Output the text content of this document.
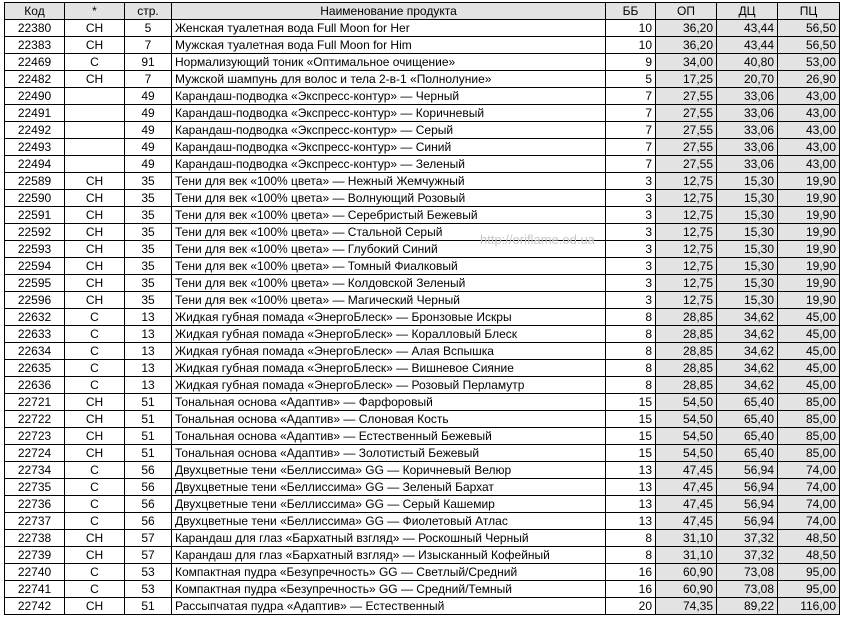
Код	*	стр.	Наименование продукта	ББ	ОП	ДЦ	ПЦ
22380	CH	5	Женская туалетная вода Full Moon for Her	10	36,20	43,44	56,50
22383	CH	7	Мужская туалетная вода Full Moon for Him	10	36,20	43,44	56,50
22469	C	91	Нормализующий тоник «Оптимальное очищение»	9	34,00	40,80	53,00
22482	CH	7	Мужской шампунь для волос и тела 2-в-1 «Полнолуние»	5	17,25	20,70	26,90
22490		49	Карандаш-подводка «Экспресс-контур» — Черный	7	27,55	33,06	43,00
22491		49	Карандаш-подводка «Экспресс-контур» — Коричневый	7	27,55	33,06	43,00
22492		49	Карандаш-подводка «Экспресс-контур» — Серый	7	27,55	33,06	43,00
22493		49	Карандаш-подводка «Экспресс-контур» — Синий	7	27,55	33,06	43,00
22494		49	Карандаш-подводка «Экспресс-контур» — Зеленый	7	27,55	33,06	43,00
22589	CH	35	Тени для век «100% цвета» — Нежный Жемчужный	3	12,75	15,30	19,90
22590	CH	35	Тени для век «100% цвета» — Волнующий Розовый	3	12,75	15,30	19,90
22591	CH	35	Тени для век «100% цвета» — Серебристый Бежевый	3	12,75	15,30	19,90
22592	CH	35	Тени для век «100% цвета» — Стальной Серый	3	12,75	15,30	19,90
22593	CH	35	Тени для век «100% цвета» — Глубокий Синий	3	12,75	15,30	19,90
22594	CH	35	Тени для век «100% цвета» — Томный Фиалковый	3	12,75	15,30	19,90
22595	CH	35	Тени для век «100% цвета» — Колдовской Зеленый	3	12,75	15,30	19,90
22596	CH	35	Тени для век «100% цвета» — Магический Черный	3	12,75	15,30	19,90
22632	C	13	Жидкая губная помада «ЭнергоБлеск» — Бронзовые Искры	8	28,85	34,62	45,00
22633	C	13	Жидкая губная помада «ЭнергоБлеск» — Коралловый Блеск	8	28,85	34,62	45,00
22634	C	13	Жидкая губная помада «ЭнергоБлеск» — Алая Вспышка	8	28,85	34,62	45,00
22635	C	13	Жидкая губная помада «ЭнергоБлеск» — Вишневое Сияние	8	28,85	34,62	45,00
22636	C	13	Жидкая губная помада «ЭнергоБлеск» — Розовый Перламутр	8	28,85	34,62	45,00
22721	CH	51	Тональная основа «Адаптив» — Фарфоровый	15	54,50	65,40	85,00
22722	CH	51	Тональная основа «Адаптив» — Слоновая Кость	15	54,50	65,40	85,00
22723	CH	51	Тональная основа «Адаптив» — Естественный Бежевый	15	54,50	65,40	85,00
22724	CH	51	Тональная основа «Адаптив» — Золотистый Бежевый	15	54,50	65,40	85,00
22734	C	56	Двухцветные тени «Беллиссима» GG — Коричневый Велюр	13	47,45	56,94	74,00
22735	C	56	Двухцветные тени «Беллиссима» GG — Зеленый Бархат	13	47,45	56,94	74,00
22736	C	56	Двухцветные тени «Беллиссима» GG — Серый Кашемир	13	47,45	56,94	74,00
22737	C	56	Двухцветные тени «Беллиссима» GG — Фиолетовый Атлас	13	47,45	56,94	74,00
22738	CH	57	Карандаш для глаз «Бархатный взгляд» — Роскошный Черный	8	31,10	37,32	48,50
22739	CH	57	Карандаш для глаз «Бархатный взгляд» — Изысканный Кофейный	8	31,10	37,32	48,50
22740	C	53	Компактная пудра «Безупречность» GG — Светлый/Средний	16	60,90	73,08	95,00
22741	C	53	Компактная пудра «Безупречность» GG — Средний/Темный	16	60,90	73,08	95,00
22742	CH	51	Рассыпчатая пудра «Адаптив» — Естественный	20	74,35	89,22	116,00
http://oriflame.od.ua
